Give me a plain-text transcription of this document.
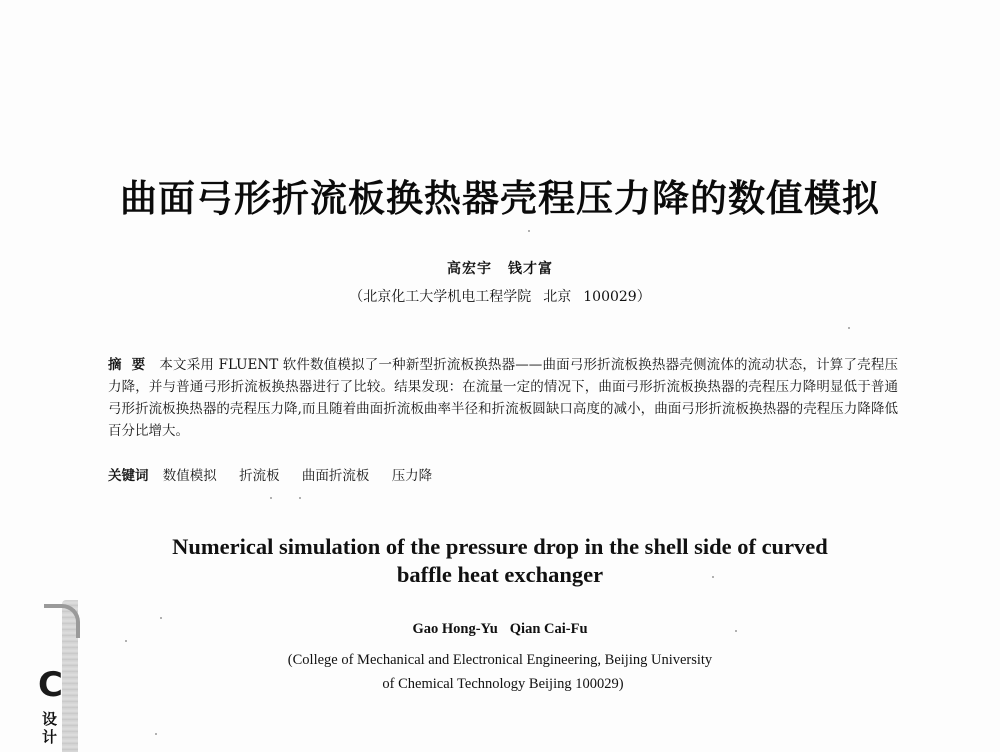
曲面弓形折流板换热器壳程压力降的数值模拟
高宏宇 钱才富
（北京化工大学机电工程学院 北京 100029）
摘要 本文采用 FLUENT 软件数值模拟了一种新型折流板换热器——曲面弓形折流板换热器壳侧流体的流动状态，计算了壳程压力降，并与普通弓形折流板换热器进行了比较。结果发现：在流量一定的情况下，曲面弓形折流板换热器的壳程压力降明显低于普通弓形折流板换热器的壳程压力降,而且随着曲面折流板曲率半径和折流板圆缺口高度的减小，曲面弓形折流板换热器的壳程压力降降低百分比增大。
关键词 数值模拟 折流板 曲面折流板 压力降
Numerical simulation of the pressure drop in the shell side of curved
baffle heat exchanger
Gao Hong-Yu Qian Cai-Fu
(College of Mechanical and Electronical Engineering, Beijing University
of Chemical Technology Beijing 100029)
C
设计
